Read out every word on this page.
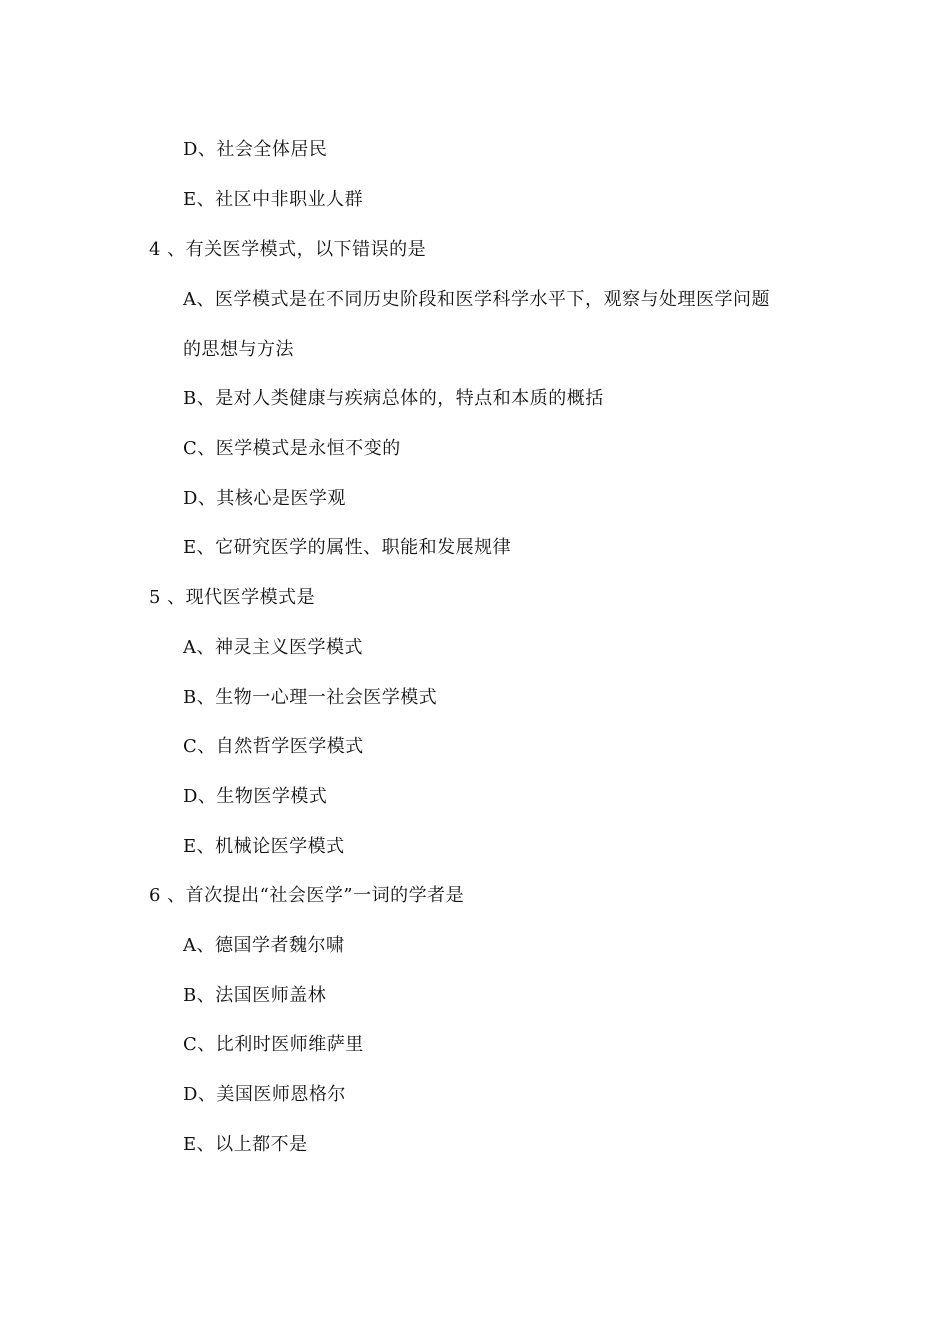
D、社会全体居民
E、社区中非职业人群
4 、有关医学模式，以下错误的是
A、医学模式是在不同历史阶段和医学科学水平下，观察与处理医学问题
的思想与方法
B、是对人类健康与疾病总体的，特点和本质的概括
C、医学模式是永恒不变的
D、其核心是医学观
E、它研究医学的属性、职能和发展规律
5 、现代医学模式是
A、神灵主义医学模式
B、生物一心理一社会医学模式
C、自然哲学医学模式
D、生物医学模式
E、机械论医学模式
6 、首次提出“社会医学”一词的学者是
A、德国学者魏尔啸
B、法国医师盖林
C、比利时医师维萨里
D、美国医师恩格尔
E、以上都不是
